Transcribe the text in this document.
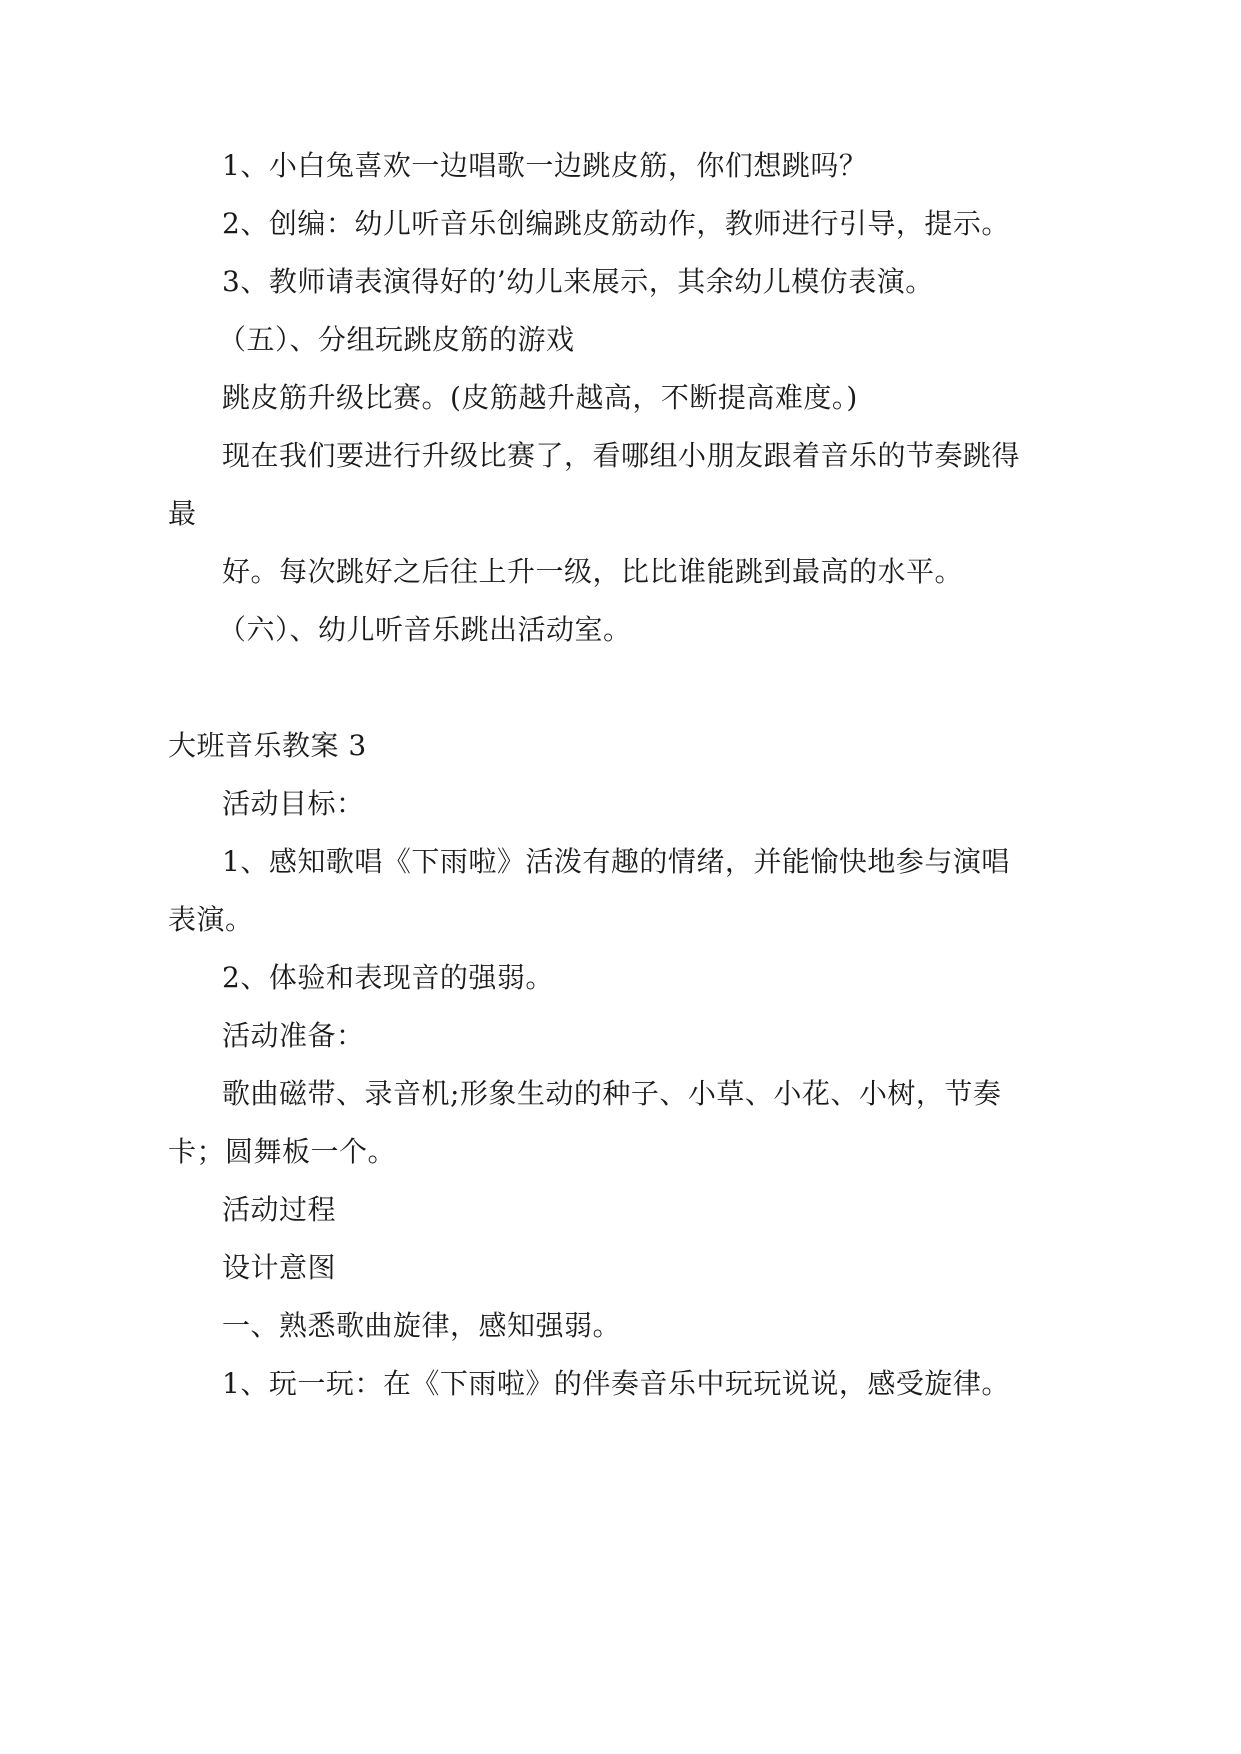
1、小白兔喜欢一边唱歌一边跳皮筋，你们想跳吗？
2、创编：幼儿听音乐创编跳皮筋动作，教师进行引导，提示。
3、教师请表演得好的’幼儿来展示，其余幼儿模仿表演。
（五）、分组玩跳皮筋的游戏
跳皮筋升级比赛。(皮筋越升越高，不断提高难度。)
现在我们要进行升级比赛了，看哪组小朋友跟着音乐的节奏跳得
最
好。每次跳好之后往上升一级，比比谁能跳到最高的水平。
（六）、幼儿听音乐跳出活动室。
大班音乐教案 3
活动目标：
1、感知歌唱《下雨啦》活泼有趣的情绪，并能愉快地参与演唱
表演。
2、体验和表现音的强弱。
活动准备：
歌曲磁带、录音机;形象生动的种子、小草、小花、小树，节奏
卡；圆舞板一个。
活动过程
设计意图
一、熟悉歌曲旋律，感知强弱。
1、玩一玩：在《下雨啦》的伴奏音乐中玩玩说说，感受旋律。
